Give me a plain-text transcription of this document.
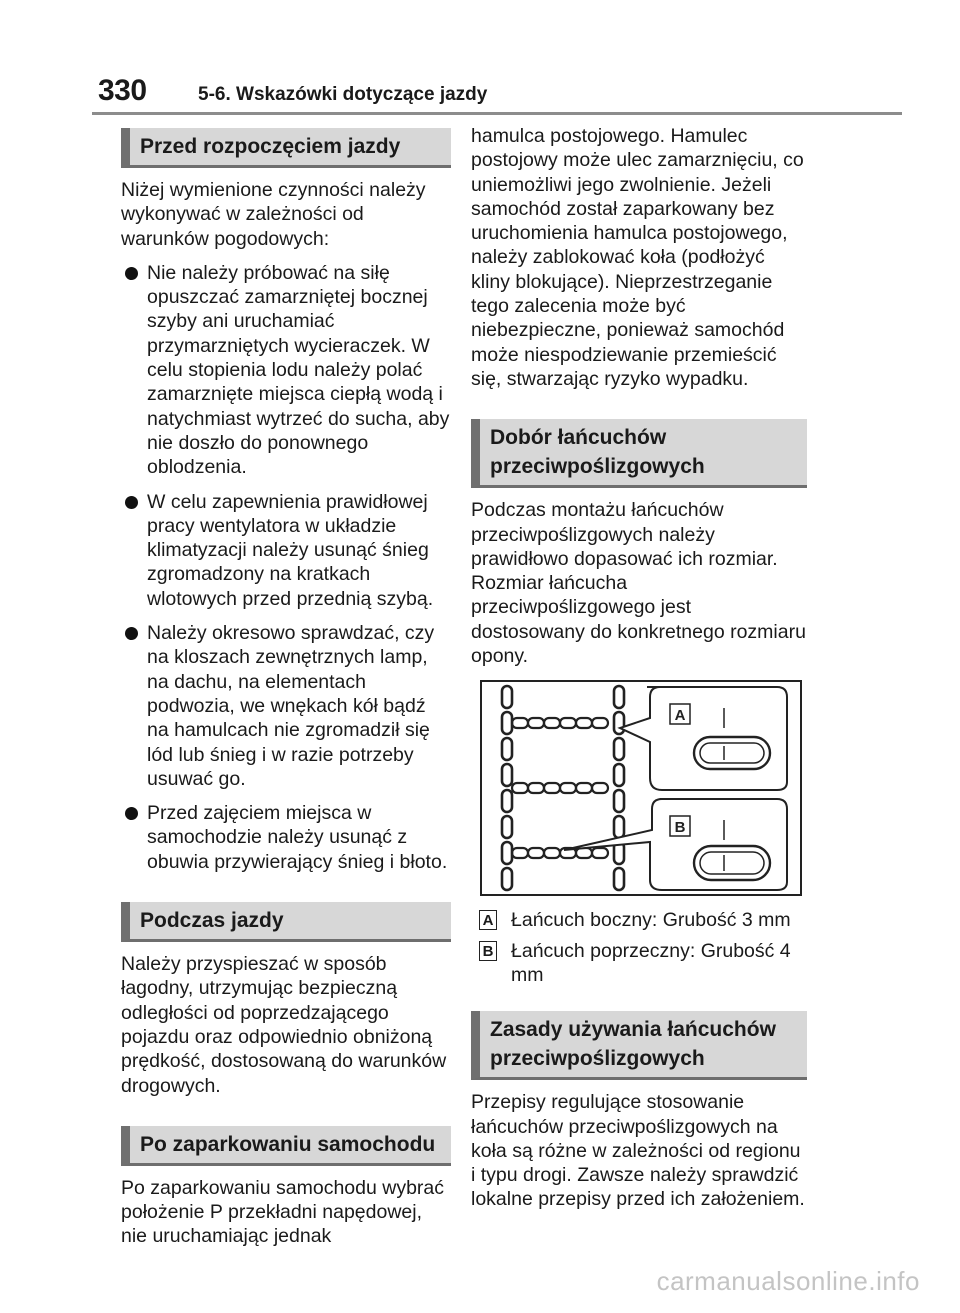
330	5-6. Wskazówki dotyczące jazdy
Przed rozpoczęciem jazdy

Niżej wymienione czynności należy wykonywać w zależności od warunków pogodowych:

Nie należy próbować na siłę opuszczać zamarzniętej bocznej szyby ani uruchamiać przymarzniętych wycieraczek. W celu stopienia lodu należy polać zamarznięte miejsca ciepłą wodą i natychmiast wytrzeć do sucha, aby nie doszło do ponownego oblodzenia.
W celu zapewnienia prawidłowej pracy wentylatora w układzie klimatyzacji należy usunąć śnieg zgromadzony na kratkach wlotowych przed przednią szybą.
Należy okresowo sprawdzać, czy na kloszach zewnętrznych lamp, na dachu, na elementach podwozia, we wnękach kół bądź na hamulcach nie zgromadził się lód lub śnieg i w razie potrzeby usuwać go.
Przed zajęciem miejsca w samochodzie należy usunąć z obuwia przywierający śnieg i błoto.
Podczas jazdy

Należy przyspieszać w sposób łagodny, utrzymując bezpieczną odległości od poprzedzającego pojazdu oraz odpowiednio obniżoną prędkość, dostosowaną do warunków drogowych.

Po zaparkowaniu samochodu

Po zaparkowaniu samochodu wybrać położenie P przekładni napędowej, nie uruchamiając jednak

hamulca postojowego. Hamulec postojowy może ulec zamarznięciu, co uniemożliwi jego zwolnienie. Jeżeli samochód został zaparkowany bez uruchomienia hamulca postojowego, należy zablokować koła (podłożyć kliny blokujące). Nieprzestrzeganie tego zalecenia może być niebezpieczne, ponieważ samochód może niespodziewanie przemieścić się, stwarzając ryzyko wypadku.

Dobór łańcuchów przeciwpoślizgowych

Podczas montażu łańcuchów przeciwpoślizgowych należy prawidłowo dopasować ich rozmiar.

Rozmiar łańcucha przeciwpoślizgowego jest dostosowany do konkretnego rozmiaru opony.

A
B
A Łańcuch boczny: Grubość 3 mm
B Łańcuch poprzeczny: Grubość 4 mm
Zasady używania łańcuchów przeciwpoślizgowych

Przepisy regulujące stosowanie łańcuchów przeciwpoślizgowych na koła są różne w zależności od regionu i typu drogi. Zawsze należy sprawdzić lokalne przepisy przed ich założeniem.

carmanualsonline.info
